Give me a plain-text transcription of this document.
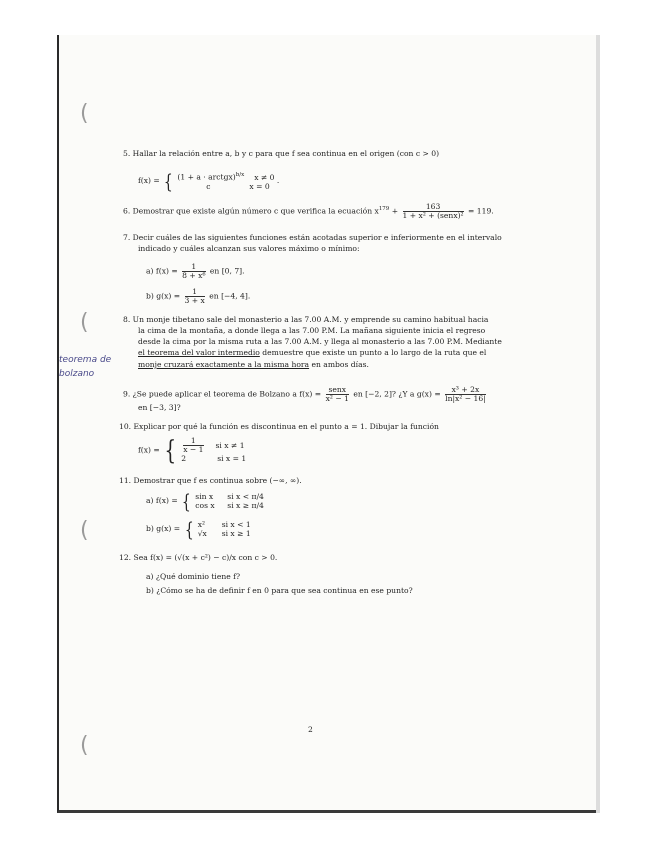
(
(
(
(
teorema de
bolzano
5. Hallar la relación entre a, b y c para que f sea continua en el origen (con c > 0)
f(x) = { (1 + a · arctgx)$^{b/x}$ x ≠ 0
c	x = 0
.
6. Demostrar que existe algún número c que verifica la ecuación $x^{179} + \frac{163}{\text{1 + x² + (senx)²}} = 119$.
7. Decir cuáles de las siguientes funciones están acotadas superior e inferiormente en el intervalo
indicado y cuáles alcanzan sus valores máximo o mínimo:
a) $f(x) = \frac{1}{\text{8 + x⁶}}$ en [0, 7].
b) $g(x) = \frac{1}{3 + x}$ en [−4, 4].
8. Un monje tibetano sale del monasterio a las 7.00 A.M. y emprende su camino habitual hacia
la cima de la montaña, a donde llega a las 7.00 P.M. La mañana siguiente inicia el regreso
desde la cima por la misma ruta a las 7.00 A.M. y llega al monasterio a las 7.00 P.M. Mediante
el teorema del valor intermedio demuestre que existe un punto a lo largo de la ruta que el
monje cruzará exactamente a la misma hora en ambos días.
9. ¿Se puede aplicar el teorema de Bolzano a $f(x) = \frac{\text{senx}}{\text{x² − 1}}$ en [−2, 2]? ¿Y a $g(x) = \frac{\text{x³ + 2x}}{\text{ln|x² − 16|}}$
en [−3, 3]?
10. Explicar por qué la función es discontinua en el punto a = 1. Dibujar la función
f(x) = { $\frac{1}{x - 1}$ si x ≠ 1
2	si x = 1
11. Demostrar que f es continua sobre (−∞, ∞).
a) f(x) = { sin x si x < π/4
cos x si x ≥ π/4
b) g(x) = { x² si x < 1
√x si x ≥ 1
12. Sea f(x) = (√(x + c²) − c)/x con c > 0.
a) ¿Qué dominio tiene f?
b) ¿Cómo se ha de definir f en 0 para que sea continua en ese punto?
2
